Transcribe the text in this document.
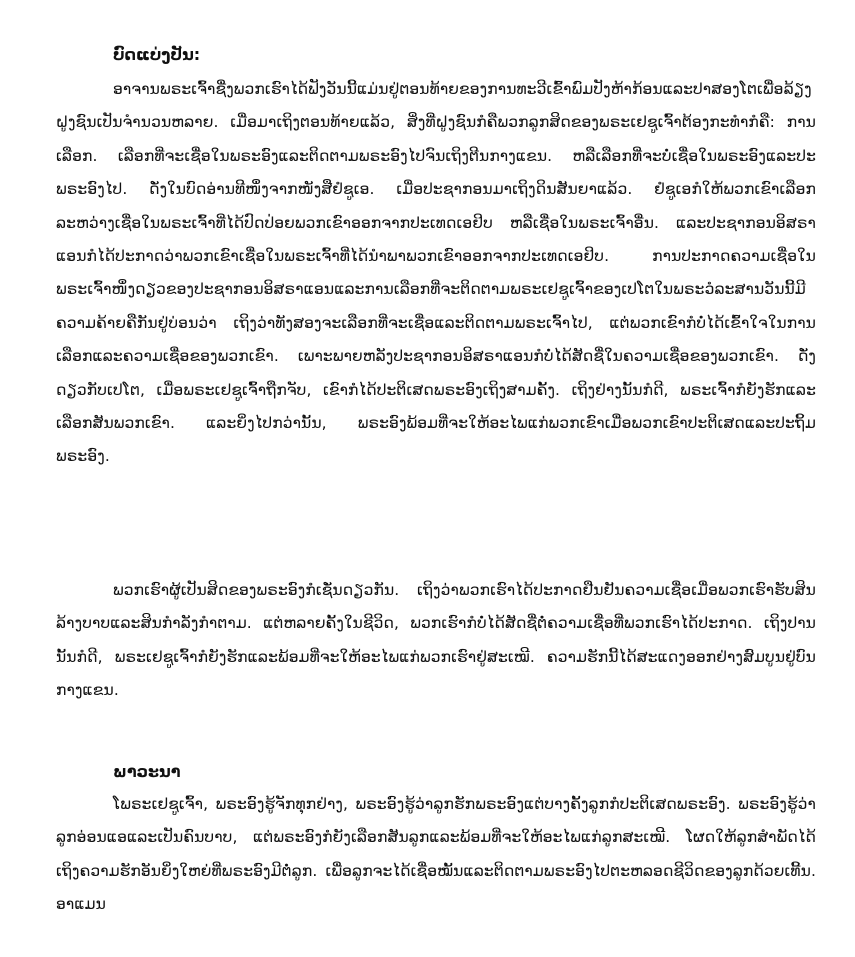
ບົດແບ່ງປັນ:

ອາຈານພຣະເຈົ້າຊື່ງພວກເຮົາໄດ້ຟັງວັນນີ້ແມ່ນຢູ່ຕອນທ້າຍຂອງການທະວີເຂົ້າພົມປັງຫ້າກ້ອນແລະປາສອງໂຕເພື່ອລ້ຽງຝູງຊົນເປັນຈຳນວນຫລາຍ. ເມື່ອມາເຖິງຕອນທ້າຍແລ້ວ, ສິ່ງທີ່ຝູງຊົນກໍຄືພວກລູກສິດຂອງພຣະເຢຊູເຈົ້າຕ້ອງກະທຳກໍຄື: ການເລືອກ. ເລືອກທີ່ຈະເຊື່ອໃນພຣະອົງແລະຕິດຕາມພຣະອົງໄປຈົນເຖິງຕີນກາງແຂນ. ຫລືເລືອກທີ່ຈະບໍ່ເຊື່ອໃນພຣະອົງແລະປະພຣະອົງໄປ. ດັ່ງໃນບົດອ່ານທີໜຶ່ງຈາກໜັງສືຢໍຊູເອ. ເມື່ອປະຊາກອນມາເຖິງດິນສັນຍາແລ້ວ. ຢໍຊູເອກໍໃຫ້ພວກເຂົາເລືອກລະຫວ່າງເຊື່ອໃນພຣະເຈົ້າທີ່ໄດ້ປົດປ່ອຍພວກເຂົາອອກຈາກປະເທດເອຢິບ ຫລືເຊື່ອໃນພຣະເຈົ້າອື່ນ. ແລະປະຊາກອນອິສຣາແອນກໍໄດ້ປະກາດວ່າພວກເຂົາເຊື່ອໃນພຣະເຈົ້າທີ່ໄດ້ນຳພາພວກເຂົາອອກຈາກປະເທດເອຢິບ. ການປະກາດຄວາມເຊື່ອໃນພຣະເຈົ້າໜຶ່ງດຽວຂອງປະຊາກອນອິສຣາແອນແລະການເລືອກທີ່ຈະຕິດຕາມພຣະເຢຊູເຈົ້າຂອງເປໂຕໃນພຣະວໍລະສານວັນນີ້ມີຄວາມຄ້າຍຄືກັນຢູ່ບ່ອນວ່າ ເຖິງວ່າທັງສອງຈະເລືອກທີ່ຈະເຊື່ອແລະຕິດຕາມພຣະເຈົ້າໄປ, ແຕ່ພວກເຂົາກໍບໍ່ໄດ້ເຂົ້າໃຈໃນການເລືອກແລະຄວາມເຊື່ອຂອງພວກເຂົາ. ເພາະພາຍຫລັງປະຊາກອນອິສຣາແອນກໍບໍ່ໄດ້ສັດຊື່ໃນຄວາມເຊື່ອຂອງພວກເຂົາ. ດັ່ງດຽວກັບເປໂຕ, ເມື່ອພຣະເຢຊູເຈົ້າຖືກຈັບ, ເຂົາກໍໄດ້ປະຕິເສດພຣະອົງເຖິງສາມຄັ້ງ. ເຖິງຢ່າງນັ້ນກໍດີ, ພຣະເຈົ້າກໍຍັງຮັກແລະເລືອກສັນພວກເຂົາ. ແລະຍິ່ງໄປກວ່ານັ້ນ, ພຣະອົງພ້ອມທີ່ຈະໃຫ້ອະໄພແກ່ພວກເຂົາເມື່ອພວກເຂົາປະຕິເສດແລະປະຖິ້ມພຣະອົງ.

ພວກເຮົາຜູ້ເປັນສິດຂອງພຣະອົງກໍເຊັ່ນດຽວກັນ. ເຖິງວ່າພວກເຮົາໄດ້ປະກາດຢືນຢັນຄວາມເຊື່ອເມື່ອພວກເຮົາຮັບສິນລ້າງບາບແລະສິນກຳລັງກຳຕາມ. ແຕ່ຫລາຍຄັ້ງໃນຊີວິດ, ພວກເຮົາກໍບໍ່ໄດ້ສັດຊື່ຕໍ່ຄວາມເຊື່ອທີ່ພວກເຮົາໄດ້ປະກາດ. ເຖິງປານນັ້ນກໍດີ, ພຣະເຢຊູເຈົ້າກໍຍັງຮັກແລະພ້ອມທີ່ຈະໃຫ້ອະໄພແກ່ພວກເຮົາຢູ່ສະເໝີ. ຄວາມຮັກນີ້ໄດ້ສະແດງອອກຢ່າງສົມບູນຢູ່ບົນກາງແຂນ.

ພາວະນາ

ໂພຣະເຢຊູເຈົ້າ, ພຣະອົງຮູ້ຈັກທຸກຢ່າງ, ພຣະອົງຮູ້ວ່າລູກຮັກພຣະອົງແຕ່ບາງຄັ້ງລູກກໍປະຕິເສດພຣະອົງ. ພຣະອົງຮູ້ວ່າລູກອ່ອນແອແລະເປັນຄົນບາບ, ແຕ່ພຣະອົງກໍຍັງເລືອກສັນລູກແລະພ້ອມທີ່ຈະໃຫ້ອະໄພແກ່ລູກສະເໝີ. ໂຜດໃຫ້ລູກສຳພັດໄດ້ເຖິງຄວາມຮັກອັນຍິ່ງໃຫຍ່ທີ່ພຣະອົງມີຕໍ່ລູກ. ເພື່ອລູກຈະໄດ້ເຊື່ອໝັ້ນແລະຕິດຕາມພຣະອົງໄປຕະຫລອດຊີວິດຂອງລູກດ້ວຍເທີ້ນ. ອາແມນ
